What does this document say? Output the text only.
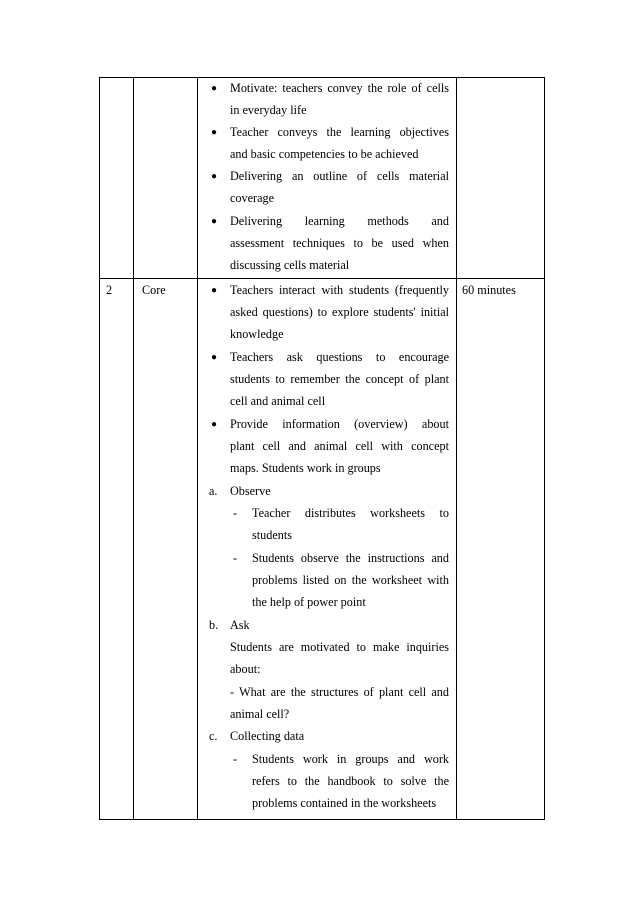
● Motivate: teachers convey the role of cells
in everyday life
● Teacher conveys the learning objectives
and basic competencies to be achieved
● Delivering an outline of cells material
coverage
● Delivering learning methods and
assessment techniques to be used when
discussing cells material
2 Core	60 minutes
● Teachers interact with students (frequently
asked questions) to explore students' initial
knowledge
● Teachers ask questions to encourage
students to remember the concept of plant
cell and animal cell
● Provide information (overview) about
plant cell and animal cell with concept
maps. Students work in groups
a. Observe
- Teacher distributes worksheets to
students
- Students observe the instructions and
problems listed on the worksheet with
the help of power point
b. Ask
Students are motivated to make inquiries
about:
- What are the structures of plant cell and
animal cell?
c. Collecting data
- Students work in groups and work
refers to the handbook to solve the
problems contained in the worksheets
